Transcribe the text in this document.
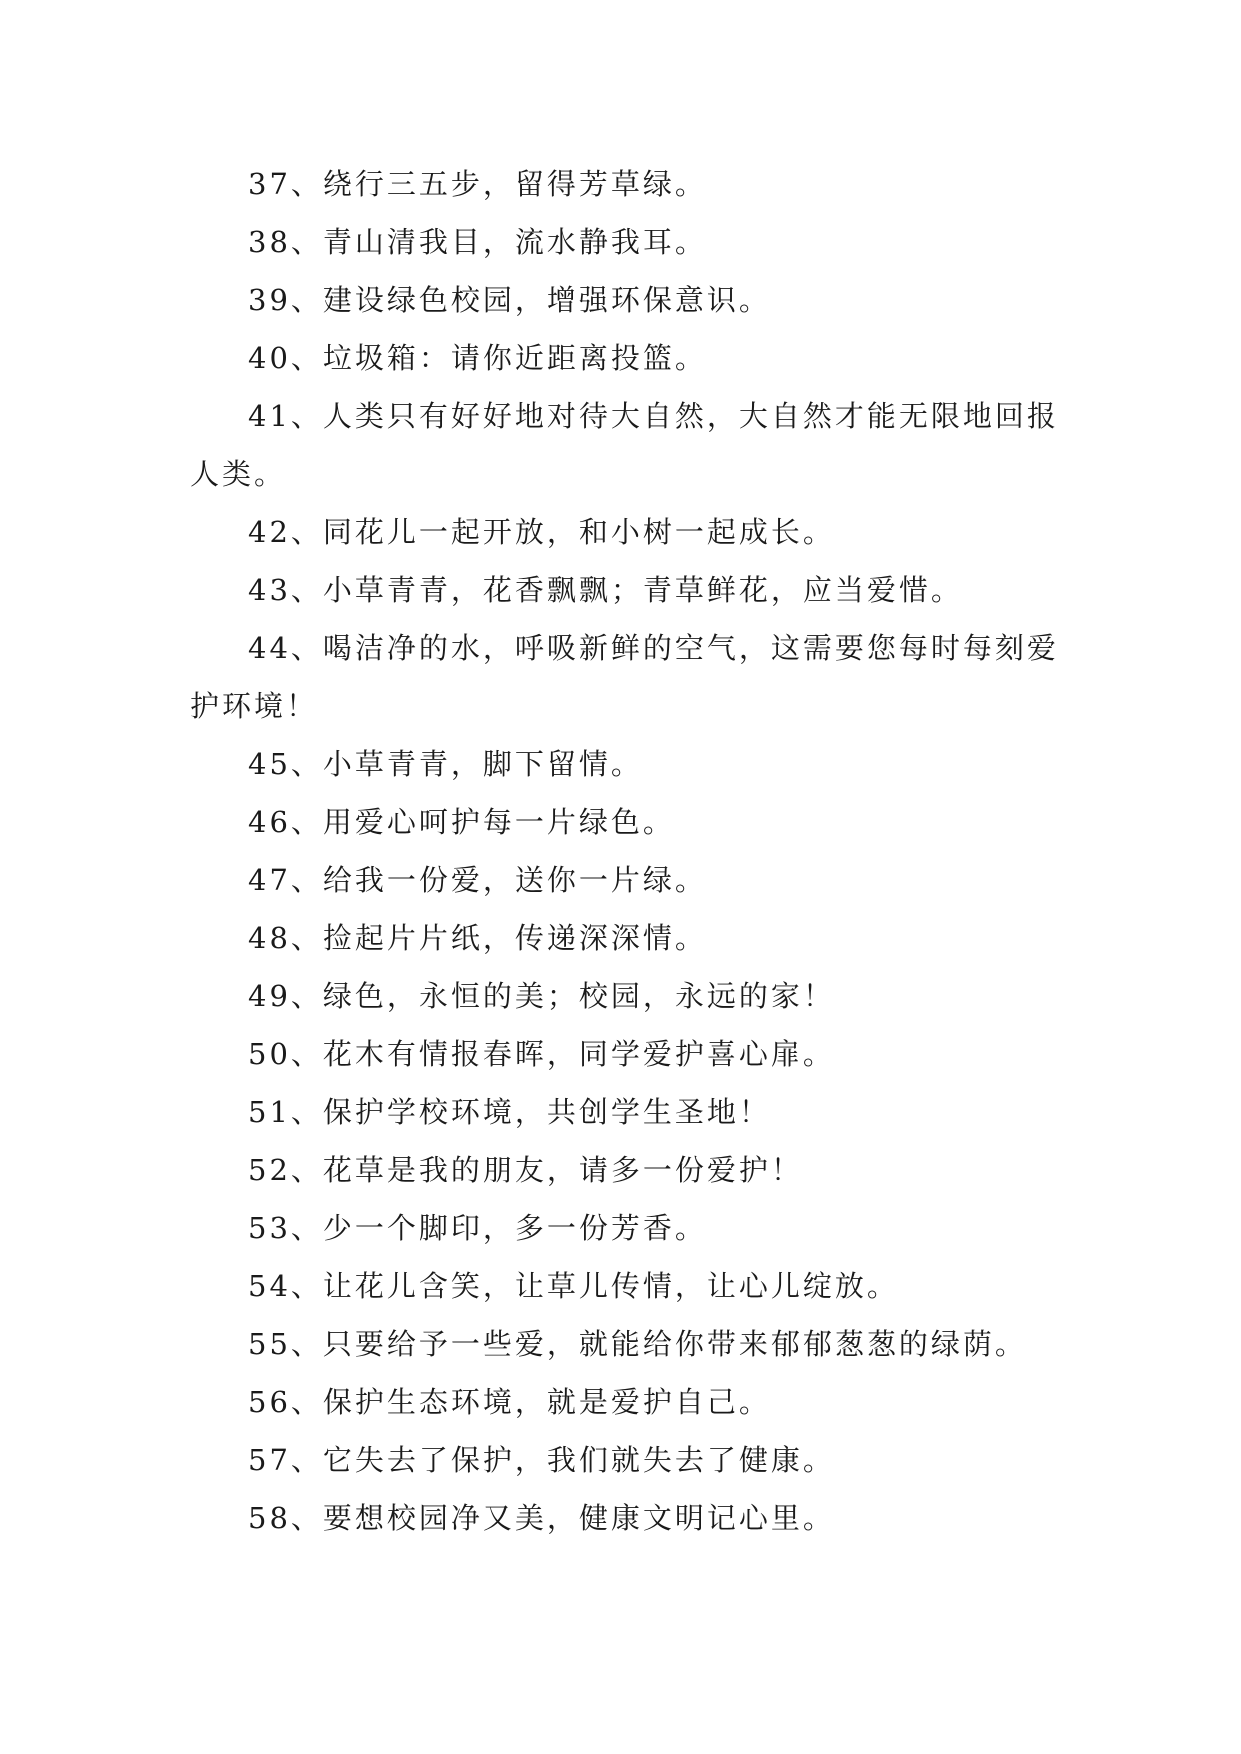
37、绕行三五步，留得芳草绿。

38、青山清我目，流水静我耳。

39、建设绿色校园，增强环保意识。

40、垃圾箱：请你近距离投篮。

41、人类只有好好地对待大自然，大自然才能无限地回报人类。

42、同花儿一起开放，和小树一起成长。

43、小草青青，花香飘飘；青草鲜花，应当爱惜。

44、喝洁净的水，呼吸新鲜的空气，这需要您每时每刻爱护环境！

45、小草青青，脚下留情。

46、用爱心呵护每一片绿色。

47、给我一份爱，送你一片绿。

48、捡起片片纸，传递深深情。

49、绿色，永恒的美；校园，永远的家！

50、花木有情报春晖，同学爱护喜心扉。

51、保护学校环境，共创学生圣地！

52、花草是我的朋友，请多一份爱护！

53、少一个脚印，多一份芳香。

54、让花儿含笑，让草儿传情，让心儿绽放。

55、只要给予一些爱，就能给你带来郁郁葱葱的绿荫。

56、保护生态环境，就是爱护自己。

57、它失去了保护，我们就失去了健康。

58、要想校园净又美，健康文明记心里。
